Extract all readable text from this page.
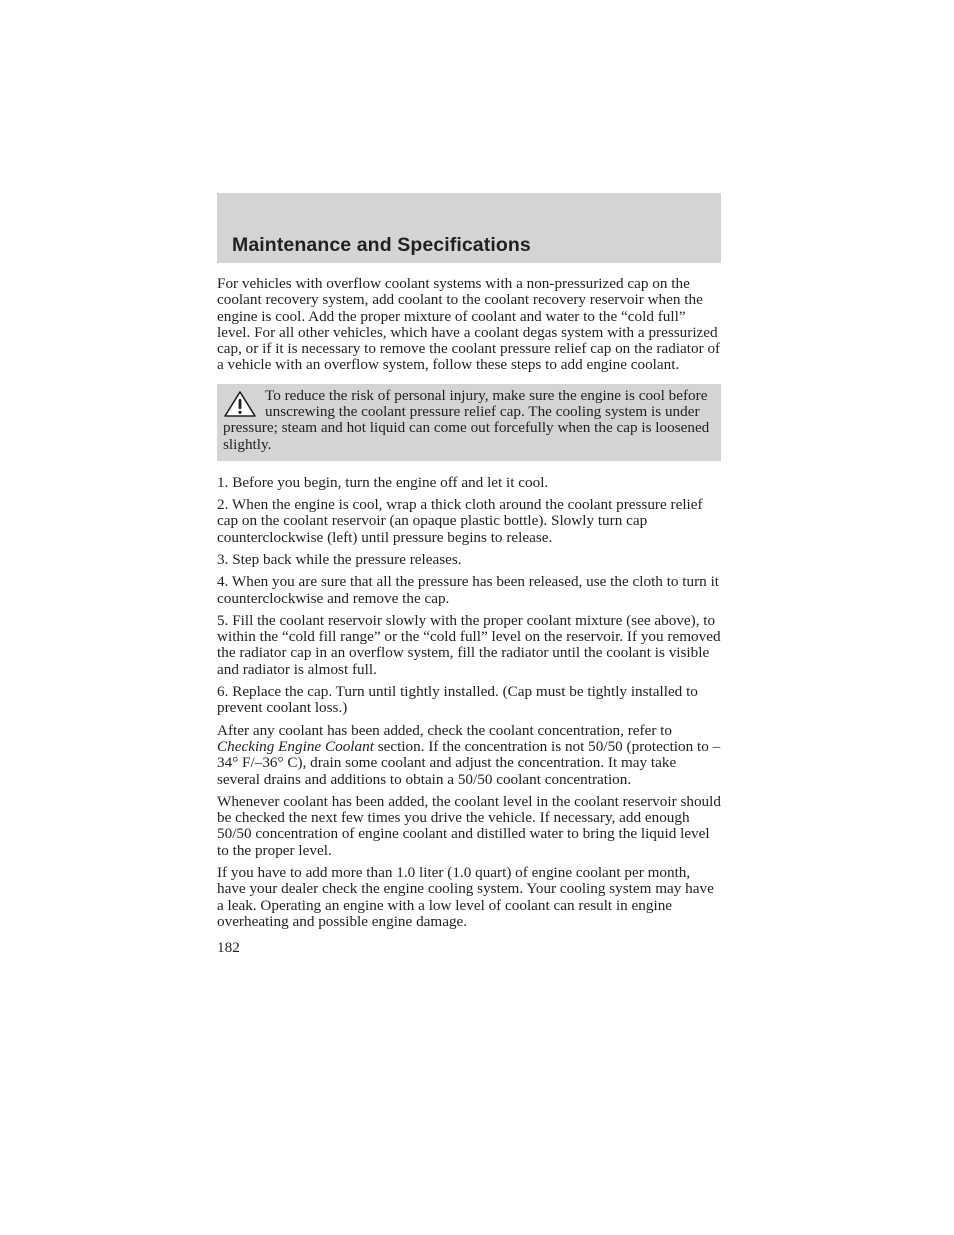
Maintenance and Specifications
For vehicles with overflow coolant systems with a non-pressurized cap on the coolant recovery system, add coolant to the coolant recovery reservoir when the engine is cool. Add the proper mixture of coolant and water to the “cold full” level. For all other vehicles, which have a coolant degas system with a pressurized cap, or if it is necessary to remove the coolant pressure relief cap on the radiator of a vehicle with an overflow system, follow these steps to add engine coolant.
To reduce the risk of personal injury, make sure the engine is cool before unscrewing the coolant pressure relief cap. The cooling system is under pressure; steam and hot liquid can come out forcefully when the cap is loosened slightly.

1. Before you begin, turn the engine off and let it cool.

2. When the engine is cool, wrap a thick cloth around the coolant pressure relief cap on the coolant reservoir (an opaque plastic bottle). Slowly turn cap counterclockwise (left) until pressure begins to release.

3. Step back while the pressure releases.

4. When you are sure that all the pressure has been released, use the cloth to turn it counterclockwise and remove the cap.

5. Fill the coolant reservoir slowly with the proper coolant mixture (see above), to within the “cold fill range” or the “cold full” level on the reservoir. If you removed the radiator cap in an overflow system, fill the radiator until the coolant is visible and radiator is almost full.

6. Replace the cap. Turn until tightly installed. (Cap must be tightly installed to prevent coolant loss.)

After any coolant has been added, check the coolant concentration, refer to Checking Engine Coolant section. If the concentration is not 50/50 (protection to –34° F/–36° C), drain some coolant and adjust the concentration. It may take several drains and additions to obtain a 50/50 coolant concentration.

Whenever coolant has been added, the coolant level in the coolant reservoir should be checked the next few times you drive the vehicle. If necessary, add enough 50/50 concentration of engine coolant and distilled water to bring the liquid level to the proper level.

If you have to add more than 1.0 liter (1.0 quart) of engine coolant per month, have your dealer check the engine cooling system. Your cooling system may have a leak. Operating an engine with a low level of coolant can result in engine overheating and possible engine damage.

182
